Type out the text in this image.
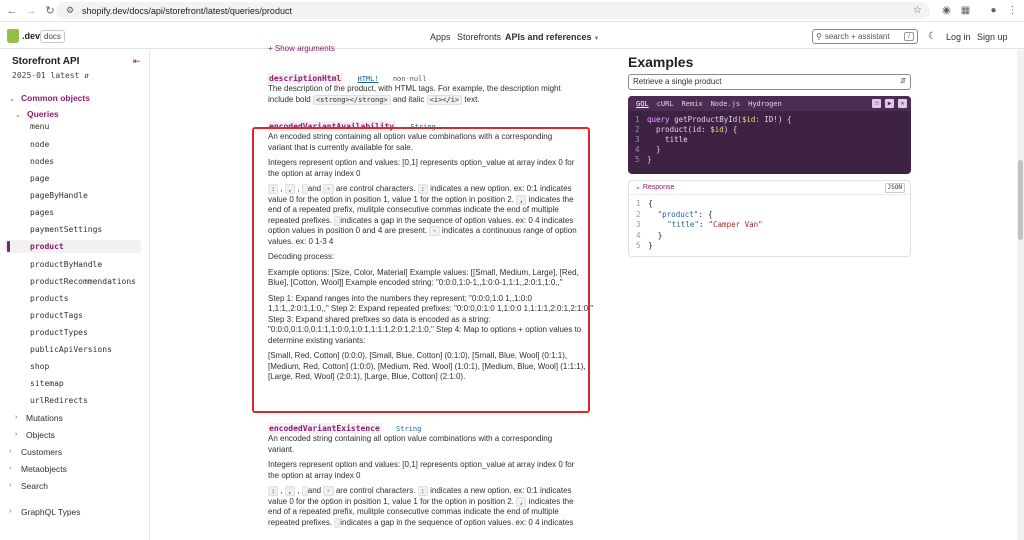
← → ↻ ⚙ shopify.dev/docs/api/storefront/latest/queries/product	☆ ◉ ▦	●	⋮
.dev docs	Apps Storefronts APIs and references ▼	⚲ search + assistant	/	☾ Log in Sign up
Storefront API	⇤
2025-01 latest ⇵
⌄ Common objects
⌄ Queries
menu
node
nodes
page
pageByHandle
pages
paymentSettings
product
productByHandle
productRecommendations
products
productTags
productTypes
publicApiVersions
shop
sitemap
urlRedirects
› Mutations
› Objects
› Customers
› Metaobjects
› Search
› GraphQL Types
+ Show arguments
descriptionHtml · HTML! · non-null
The description of the product, with HTML tags. For example, the description might
include bold <strong></strong> and italic <i></i> text.
encodedVariantAvailability · String
An encoded string containing all option value combinations with a corresponding
variant that is currently available for sale.
Integers represent option and values: [0,1] represents option_value at array index 0 for
the option at array index 0
: , , , and - are control characters. : indicates a new option. ex: 0:1 indicates
value 0 for the option in position 1, value 1 for the option in position 2. , indicates the
end of a repeated prefix, mulitple consecutive commas indicate the end of multiple
repeated prefixes. indicates a gap in the sequence of option values. ex: 0 4 indicates
option values in position 0 and 4 are present. - indicates a continuous range of option
values. ex: 0 1-3 4
Decoding process:
Example options: [Size, Color, Material] Example values: [[Small, Medium, Large], [Red,
Blue], [Cotton, Wool]] Example encoded string: "0:0:0,1:0-1,,1:0:0-1,1:1,,2:0:1,1:0,,"
Step 1: Expand ranges into the numbers they represent: "0:0:0,1:0 1,,1:0:0
1,1:1,,2:0:1,1:0,," Step 2: Expand repeated prefixes: "0:0:0,0:1:0 1,1:0:0 1,1:1:1,2:0:1,2:1:0,"
Step 3: Expand shared prefixes so data is encoded as a string:
"0:0:0,0:1:0,0:1:1,1:0:0,1:0:1,1:1:1,2:0:1,2:1:0," Step 4: Map to options + option values to
determine existing variants:
[Small, Red, Cotton] (0:0:0), [Small, Blue, Cotton] (0:1:0), [Small, Blue, Wool] (0:1:1),
[Medium, Red, Cotton] (1:0:0), [Medium, Red, Wool] (1:0:1), [Medium, Blue, Wool] (1:1:1),
[Large, Red, Wool] (2:0:1), [Large, Blue, Cotton] (2:1:0).
encodedVariantExistence · String
An encoded string containing all option value combinations with a corresponding
variant.
Integers represent option and values: [0,1] represents option_value at array index 0 for
the option at array index 0
: , , , and - are control characters. : indicates a new option. ex: 0:1 indicates
value 0 for the option in position 1, value 1 for the option in position 2. , indicates the
end of a repeated prefix, mulitple consecutive commas indicate the end of multiple
repeated prefixes. indicates a gap in the sequence of option values. ex: 0 4 indicates
Examples
Retrieve a single product	⇵
GQL cURL Remix Node.js Hydrogen	❐	▶	✕
1 query getProductById($id: ID!) {
2  product(id: $id) {
3    title
4  }
5 }
⌄ Response	JSON
1 {
2 "product": {
3	"title": "Camper Van"
4  }
5 }
